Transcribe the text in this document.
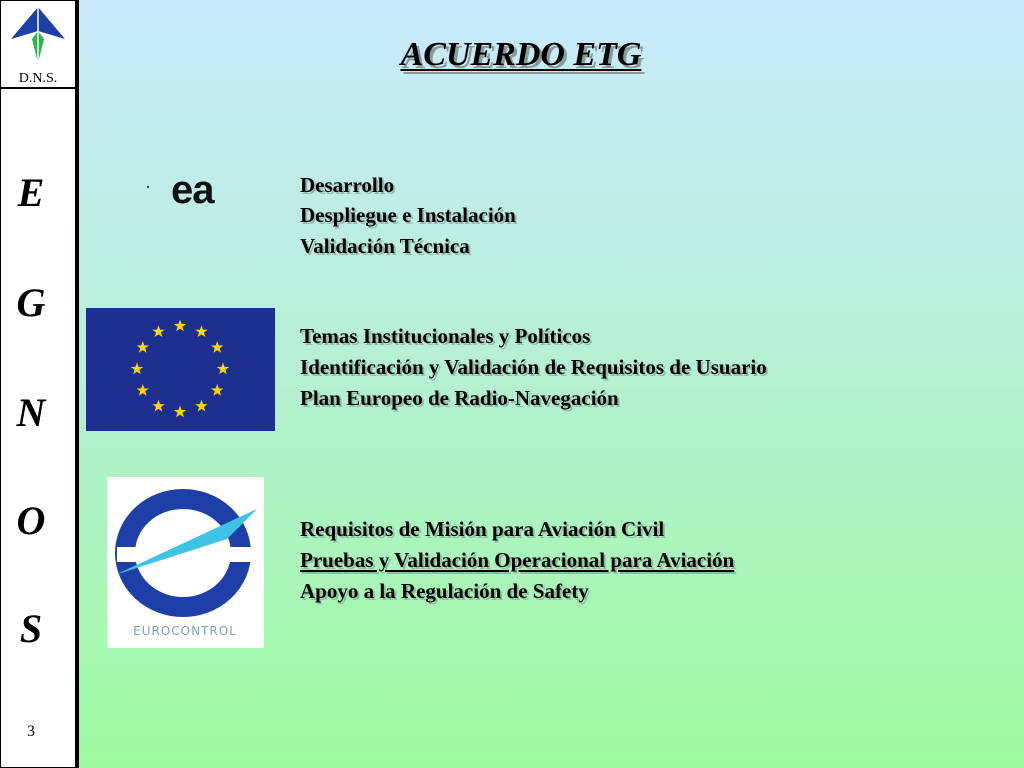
D.N.S.
E
G
N
O
S
3
ACUERDO ETG
ea	Desarrollo
Despliegue e Instalación
Validación Técnica
Temas Institucionales y Políticos
Identificación y Validación de Requisitos de Usuario
Plan Europeo de Radio-Navegación
EUROCONTROL
Requisitos de Misión para Aviación Civil
Pruebas y Validación Operacional para Aviación
Apoyo a la Regulación de Safety
